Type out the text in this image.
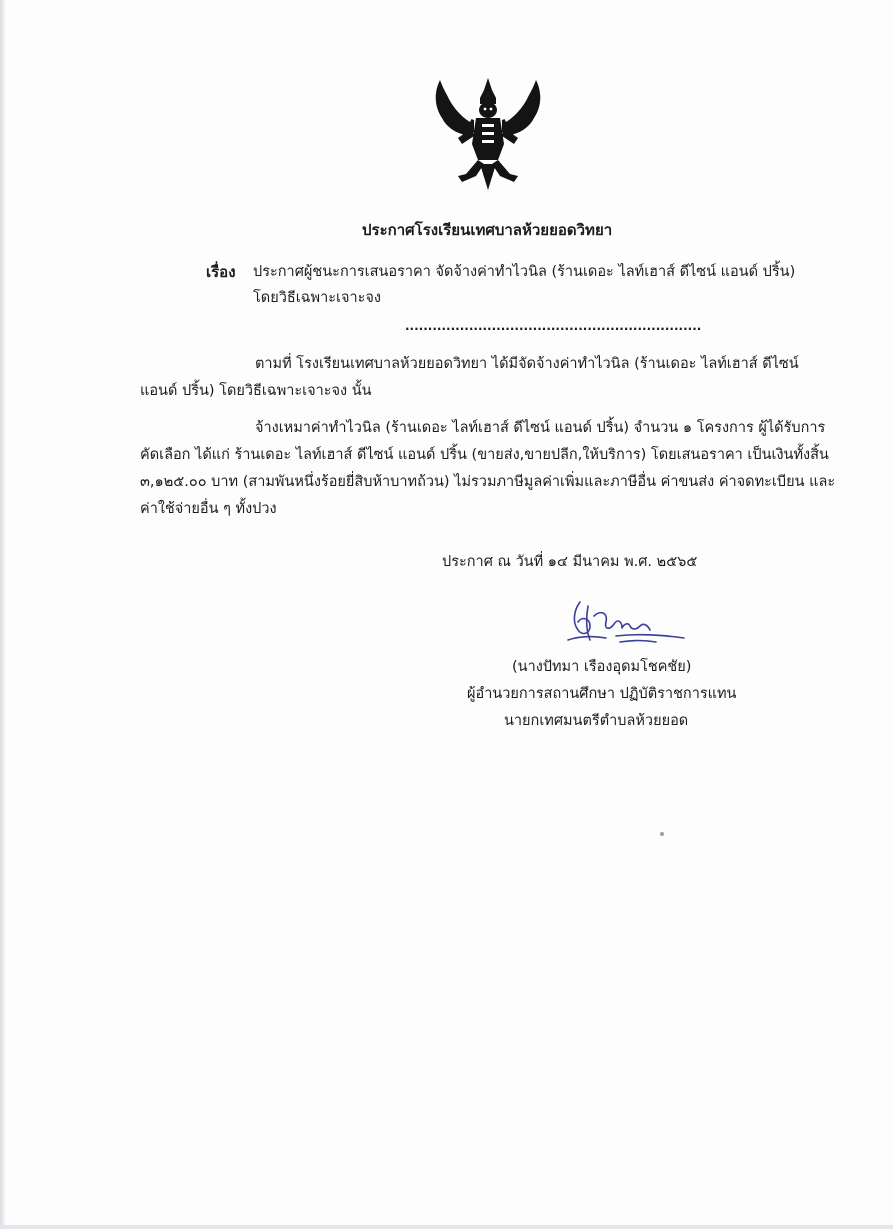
ประกาศโรงเรียนเทศบาลห้วยยอดวิทยา
เรื่อง ประกาศผู้ชนะการเสนอราคา จัดจ้างค่าทำไวนิล (ร้านเดอะ ไลท์เฮาส์ ดีไซน์ แอนด์ ปริ้น)
โดยวิธีเฉพาะเจาะจง
.................................................................
ตามที่ โรงเรียนเทศบาลห้วยยอดวิทยา ได้มีจัดจ้างค่าทำไวนิล (ร้านเดอะ ไลท์เฮาส์ ดีไซน์
แอนด์ ปริ้น) โดยวิธีเฉพาะเจาะจง นั้น
จ้างเหมาค่าทำไวนิล (ร้านเดอะ ไลท์เฮาส์ ดีไซน์ แอนด์ ปริ้น) จำนวน ๑ โครงการ ผู้ได้รับการ
คัดเลือก ได้แก่ ร้านเดอะ ไลท์เฮาส์ ดีไซน์ แอนด์ ปริ้น (ขายส่ง,ขายปลีก,ให้บริการ) โดยเสนอราคา เป็นเงินทั้งสิ้น
๓,๑๒๕.๐๐ บาท (สามพันหนึ่งร้อยยี่สิบห้าบาทถ้วน) ไม่รวมภาษีมูลค่าเพิ่มและภาษีอื่น ค่าขนส่ง ค่าจดทะเบียน และ
ค่าใช้จ่ายอื่น ๆ ทั้งปวง
ประกาศ ณ วันที่ ๑๔ มีนาคม พ.ศ. ๒๕๖๕
(นางปัทมา เรืองอุดมโชคชัย)
ผู้อำนวยการสถานศึกษา ปฏิบัติราชการแทน
นายกเทศมนตรีตำบลห้วยยอด
